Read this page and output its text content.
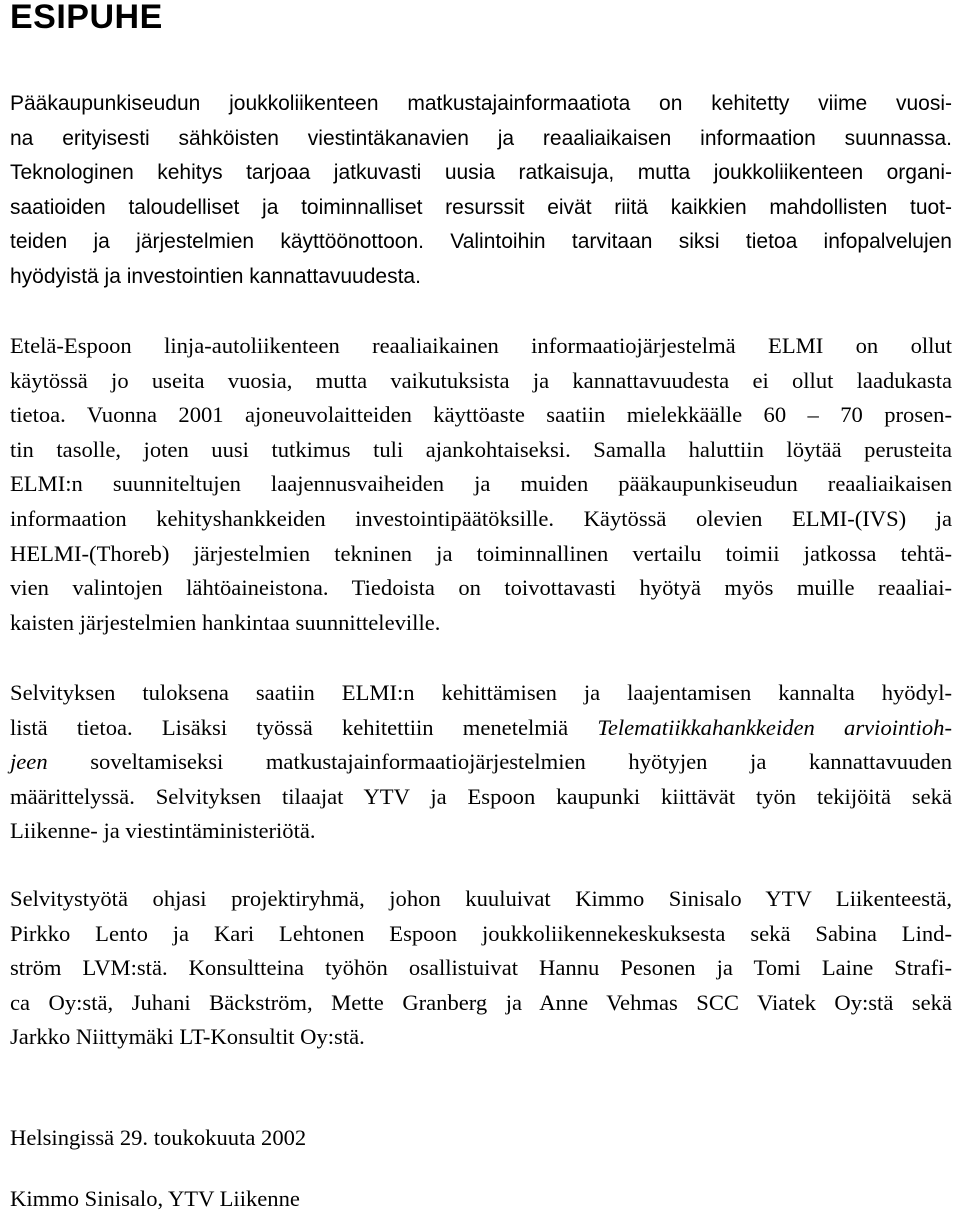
ESIPUHE
Pääkaupunkiseudun joukkoliikenteen matkustajainformaatiota on kehitetty viime vuosi-
na erityisesti sähköisten viestintäkanavien ja reaaliaikaisen informaation suunnassa.
Teknologinen kehitys tarjoaa jatkuvasti uusia ratkaisuja, mutta joukkoliikenteen organi-
saatioiden taloudelliset ja toiminnalliset resurssit eivät riitä kaikkien mahdollisten tuot-
teiden ja järjestelmien käyttöönottoon. Valintoihin tarvitaan siksi tietoa infopalvelujen
hyödyistä ja investointien kannattavuudesta.
Etelä-Espoon linja-autoliikenteen reaaliaikainen informaatiojärjestelmä ELMI on ollut
käytössä jo useita vuosia, mutta vaikutuksista ja kannattavuudesta ei ollut laadukasta
tietoa. Vuonna 2001 ajoneuvolaitteiden käyttöaste saatiin mielekkäälle 60 – 70 prosen-
tin tasolle, joten uusi tutkimus tuli ajankohtaiseksi. Samalla haluttiin löytää perusteita
ELMI:n suunniteltujen laajennusvaiheiden ja muiden pääkaupunkiseudun reaaliaikaisen
informaation kehityshankkeiden investointipäätöksille. Käytössä olevien ELMI-(IVS) ja
HELMI-(Thoreb) järjestelmien tekninen ja toiminnallinen vertailu toimii jatkossa tehtä-
vien valintojen lähtöaineistona. Tiedoista on toivottavasti hyötyä myös muille reaaliai-
kaisten järjestelmien hankintaa suunnitteleville.
Selvityksen tuloksena saatiin ELMI:n kehittämisen ja laajentamisen kannalta hyödyl-
listä tietoa. Lisäksi työssä kehitettiin menetelmiä Telematiikkahankkeiden arviointioh-
jeen soveltamiseksi matkustajainformaatiojärjestelmien hyötyjen ja kannattavuuden
määrittelyssä. Selvityksen tilaajat YTV ja Espoon kaupunki kiittävät työn tekijöitä sekä
Liikenne- ja viestintäministeriötä.
Selvitystyötä ohjasi projektiryhmä, johon kuuluivat Kimmo Sinisalo YTV Liikenteestä,
Pirkko Lento ja Kari Lehtonen Espoon joukkoliikennekeskuksesta sekä Sabina Lind-
ström LVM:stä. Konsultteina työhön osallistuivat Hannu Pesonen ja Tomi Laine Strafi-
ca Oy:stä, Juhani Bäckström, Mette Granberg ja Anne Vehmas SCC Viatek Oy:stä sekä
Jarkko Niittymäki LT-Konsultit Oy:stä.
Helsingissä 29. toukokuuta 2002
Kimmo Sinisalo, YTV Liikenne
